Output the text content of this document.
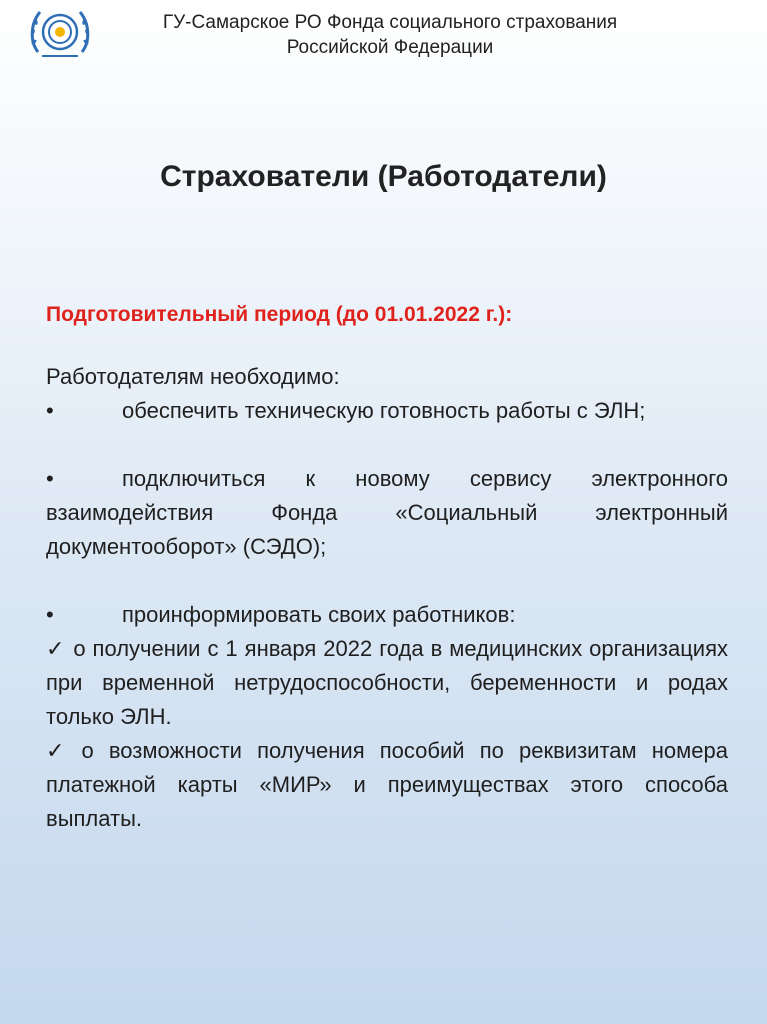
ГУ-Самарское РО Фонда социального страхования
Российской Федерации
Страхователи (Работодатели)

Подготовительный период (до 01.01.2022 г.):

Работодателям необходимо:

•	обеспечить техническую готовность работы с ЭЛН;

•	подключиться к новому сервису электронного взаимодействия Фонда «Социальный электронный документооборот» (СЭДО);

•	проинформировать своих работников:

✓ о получении с 1 января 2022 года в медицинских организациях при временной нетрудоспособности, беременности и родах только ЭЛН.

✓ о возможности получения пособий по реквизитам номера платежной карты «МИР» и преимуществах этого способа выплаты.
